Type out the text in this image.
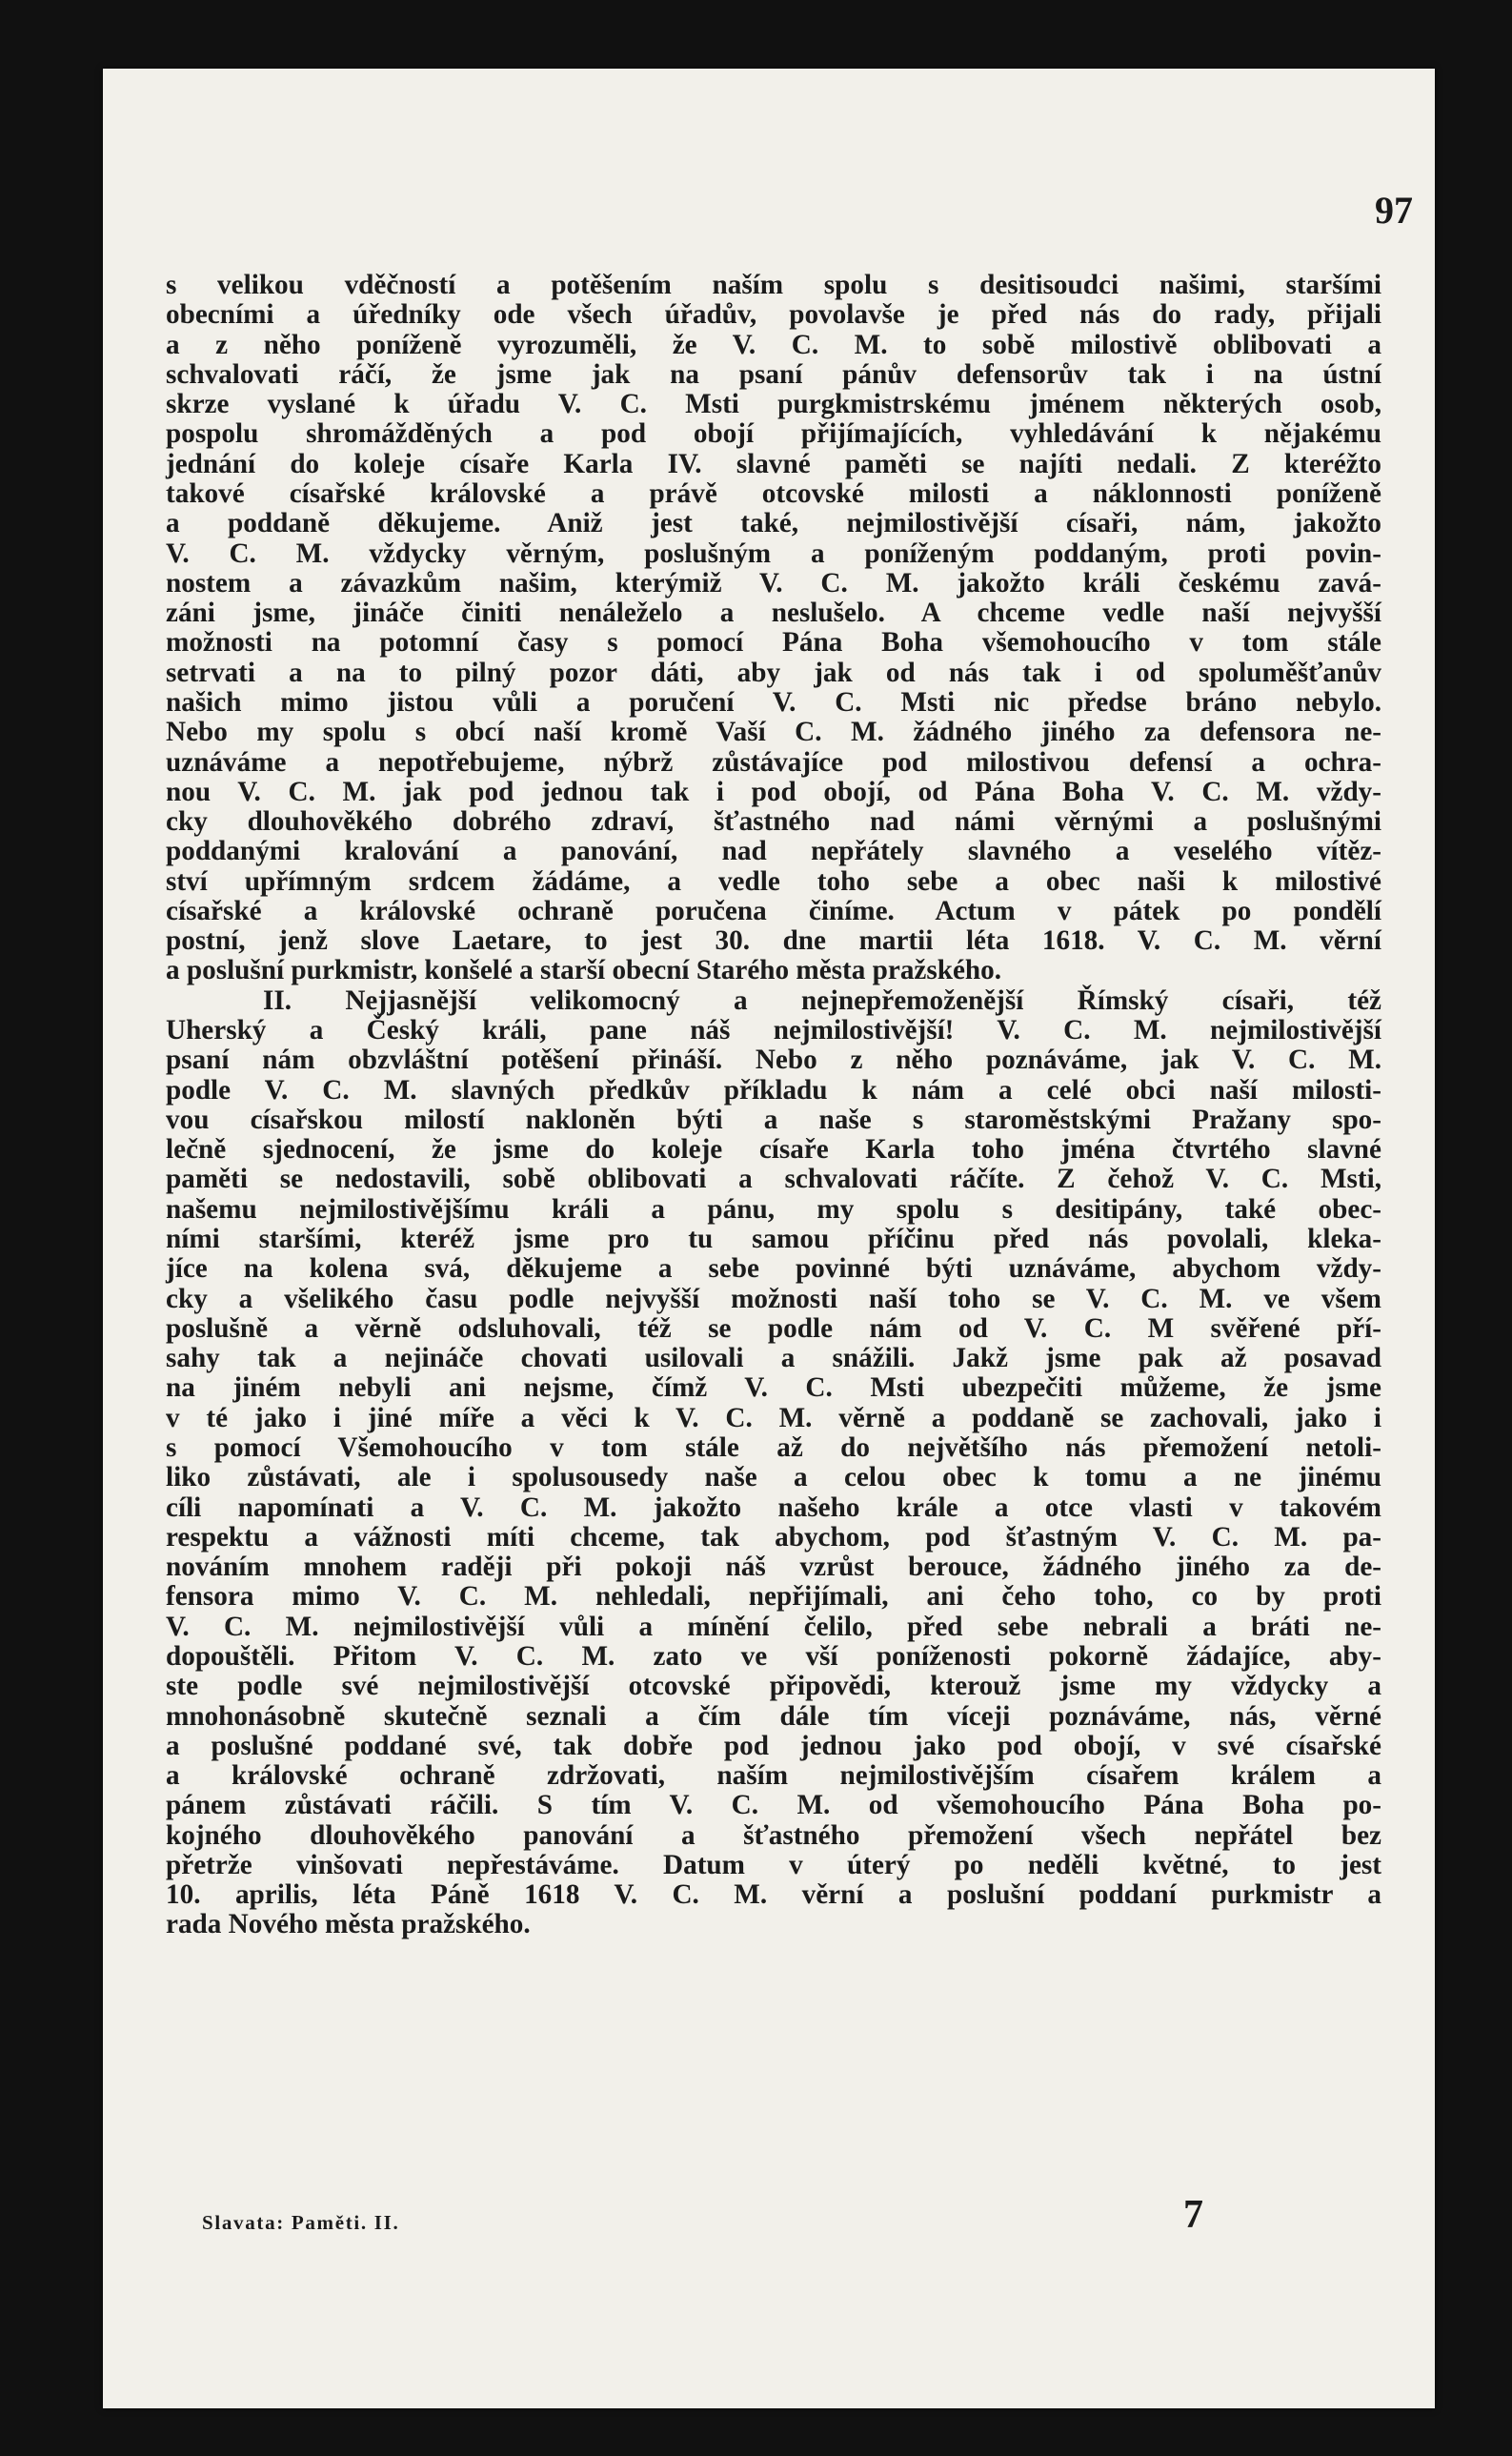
97

s velikou vděčností a potěšením naším spolu s desitisoudci našimi, staršími

obecními a úředníky ode všech úřadův, povolavše je před nás do rady, přijali

a z něho poníženě vyrozuměli, že V. C. M. to sobě milostivě oblibovati a

schvalovati ráčí, že jsme jak na psaní pánův defensorův tak i na ústní

skrze vyslané k úřadu V. C. Msti purgkmistrskému jménem některých osob,

pospolu shromážděných a pod obojí přijímajících, vyhledávání k nějakému

jednání do koleje císaře Karla IV. slavné paměti se najíti nedali. Z kteréžto

takové císařské královské a právě otcovské milosti a náklonnosti poníženě

a poddaně děkujeme. Aniž jest také, nejmilostivější císaři, nám, jakožto

V. C. M. vždycky věrným, poslušným a poníženým poddaným, proti povin-

nostem a závazkům našim, kterýmiž V. C. M. jakožto králi českému zavá-

záni jsme, jináče činiti nenáleželo a neslušelo. A chceme vedle naší nejvyšší

možnosti na potomní časy s pomocí Pána Boha všemohoucího v tom stále

setrvati a na to pilný pozor dáti, aby jak od nás tak i od spoluměšťanův

našich mimo jistou vůli a poručení V. C. Msti nic předse bráno nebylo.

Nebo my spolu s obcí naší kromě Vaší C. M. žádného jiného za defensora ne-

uznáváme a nepotřebujeme, nýbrž zůstávajíce pod milostivou defensí a ochra-

nou V. C. M. jak pod jednou tak i pod obojí, od Pána Boha V. C. M. vždy-

cky dlouhověkého dobrého zdraví, šťastného nad námi věrnými a poslušnými

poddanými kralování a panování, nad nepřátely slavného a veselého vítěz-

ství upřímným srdcem žádáme, a vedle toho sebe a obec naši k milostivé

císařské a královské ochraně poručena činíme. Actum v pátek po pondělí

postní, jenž slove Laetare, to jest 30. dne martii léta 1618. V. C. M. věrní

a poslušní purkmistr, konšelé a starší obecní Starého města pražského.

II. Nejjasnější velikomocný a nejnepřemoženější Římský císaři, též

Uherský a Český králi, pane náš nejmilostivější! V. C. M. nejmilostivější

psaní nám obzvláštní potěšení přináší. Nebo z něho poznáváme, jak V. C. M.

podle V. C. M. slavných předkův příkladu k nám a celé obci naší milosti-

vou císařskou milostí nakloněn býti a naše s staroměstskými Pražany spo-

lečně sjednocení, že jsme do koleje císaře Karla toho jména čtvrtého slavné

paměti se nedostavili, sobě oblibovati a schvalovati ráčíte. Z čehož V. C. Msti,

našemu nejmilostivějšímu králi a pánu, my spolu s desitipány, také obec-

ními staršími, kteréž jsme pro tu samou příčinu před nás povolali, kleka-

jíce na kolena svá, děkujeme a sebe povinné býti uznáváme, abychom vždy-

cky a všelikého času podle nejvyšší možnosti naší toho se V. C. M. ve všem

poslušně a věrně odsluhovali, též se podle nám od V. C. M svěřené pří-

sahy tak a nejináče chovati usilovali a snážili. Jakž jsme pak až posavad

na jiném nebyli ani nejsme, čímž V. C. Msti ubezpečiti můžeme, že jsme

v té jako i jiné míře a věci k V. C. M. věrně a poddaně se zachovali, jako i

s pomocí Všemohoucího v tom stále až do největšího nás přemožení netoli-

liko zůstávati, ale i spolusousedy naše a celou obec k tomu a ne jinému

cíli napomínati a V. C. M. jakožto našeho krále a otce vlasti v takovém

respektu a vážnosti míti chceme, tak abychom, pod šťastným V. C. M. pa-

nováním mnohem raději při pokoji náš vzrůst berouce, žádného jiného za de-

fensora mimo V. C. M. nehledali, nepřijímali, ani čeho toho, co by proti

V. C. M. nejmilostivější vůli a mínění čelilo, před sebe nebrali a bráti ne-

dopouštěli. Přitom V. C. M. zato ve vší poníženosti pokorně žádajíce, aby-

ste podle své nejmilostivější otcovské připovědi, kterouž jsme my vždycky a

mnohonásobně skutečně seznali a čím dále tím víceji poznáváme, nás, věrné

a poslušné poddané své, tak dobře pod jednou jako pod obojí, v své císařské

a královské ochraně zdržovati, naším nejmilostivějším císařem králem a

pánem zůstávati ráčili. S tím V. C. M. od všemohoucího Pána Boha po-

kojného dlouhověkého panování a šťastného přemožení všech nepřátel bez

přetrže vinšovati nepřestáváme. Datum v úterý po neděli květné, to jest

10. aprilis, léta Páně 1618 V. C. M. věrní a poslušní poddaní purkmistr a

rada Nového města pražského.

Slavata: Paměti. II.	7
